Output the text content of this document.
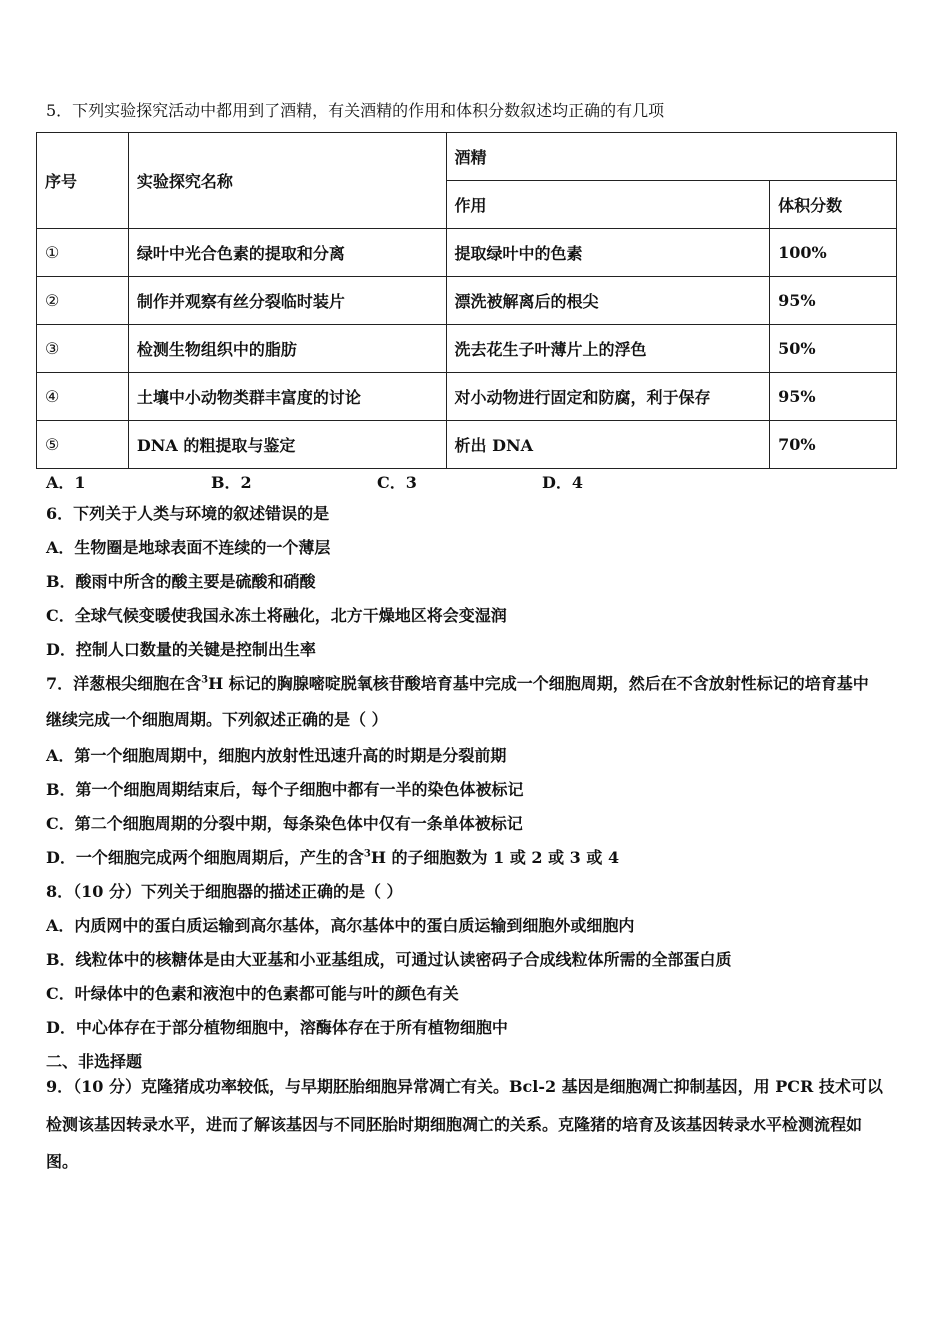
5．下列实验探究活动中都用到了酒精，有关酒精的作用和体积分数叙述均正确的有几项
序号	实验探究名称	酒精	
		作用	体积分数
①	绿叶中光合色素的提取和分离	提取绿叶中的色素	100%
②	制作并观察有丝分裂临时装片	漂洗被解离后的根尖	95%
③	检测生物组织中的脂肪	洗去花生子叶薄片上的浮色	50%
④	土壤中小动物类群丰富度的讨论	对小动物进行固定和防腐，利于保存	95%
⑤	DNA 的粗提取与鉴定	析出 DNA	70%
A．1	B．2	C．3	D．4
6．下列关于人类与环境的叙述错误的是
A．生物圈是地球表面不连续的一个薄层
B．酸雨中所含的酸主要是硫酸和硝酸
C．全球气候变暖使我国永冻土将融化，北方干燥地区将会变湿润
D．控制人口数量的关键是控制出生率
7．洋葱根尖细胞在含$^3$H 标记的胸腺嘧啶脱氧核苷酸培育基中完成一个细胞周期，然后在不含放射性标记的培育基中
继续完成一个细胞周期。下列叙述正确的是（ ）
A．第一个细胞周期中，细胞内放射性迅速升高的时期是分裂前期
B．第一个细胞周期结束后，每个子细胞中都有一半的染色体被标记
C．第二个细胞周期的分裂中期，每条染色体中仅有一条单体被标记
D．一个细胞完成两个细胞周期后，产生的含$^3$H 的子细胞数为 1 或 2 或 3 或 4
8．（10 分）下列关于细胞器的描述正确的是（ ）
A．内质网中的蛋白质运输到高尔基体，高尔基体中的蛋白质运输到细胞外或细胞内
B．线粒体中的核糖体是由大亚基和小亚基组成，可通过认读密码子合成线粒体所需的全部蛋白质
C．叶绿体中的色素和液泡中的色素都可能与叶的颜色有关
D．中心体存在于部分植物细胞中，溶酶体存在于所有植物细胞中
二、非选择题
9．（10 分）克隆猪成功率较低，与早期胚胎细胞异常凋亡有关。Bcl-2 基因是细胞凋亡抑制基因，用 PCR 技术可以
检测该基因转录水平，进而了解该基因与不同胚胎时期细胞凋亡的关系。克隆猪的培育及该基因转录水平检测流程如
图。
